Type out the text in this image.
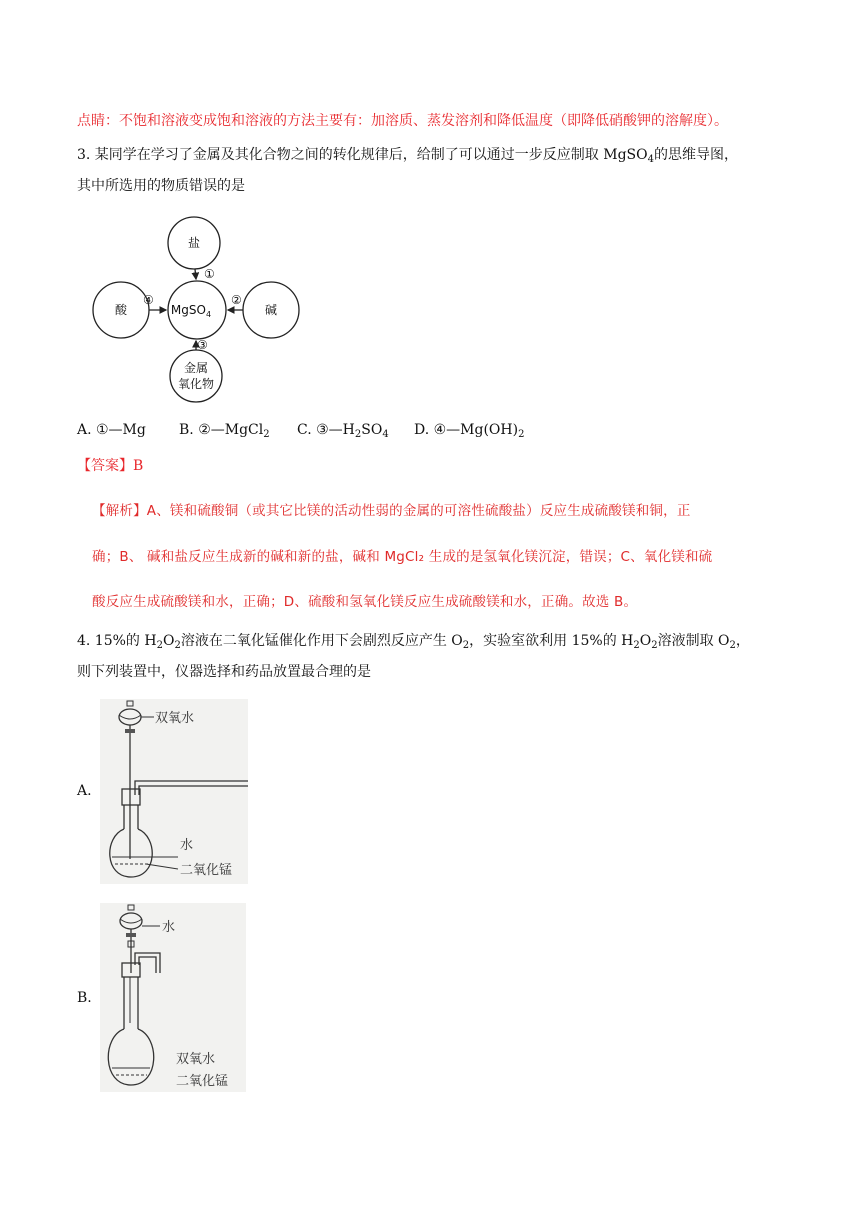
点睛：不饱和溶液变成饱和溶液的方法主要有：加溶质、蒸发溶剂和降低温度（即降低硝酸钾的溶解度）。
3. 某同学在学习了金属及其化合物之间的转化规律后，给制了可以通过一步反应制取 MgSO$_4$的思维导图，
其中所选用的物质错误的是
盐
酸	碱
MgSO$_4$
金属
氧化物
①
②
③
④
A. ①—Mg B. ②—MgCl$_2$ C. $③—H_2SO_4$ D. $④—Mg(OH)_2$
【答案】B
【解析】A、镁和硫酸铜（或其它比镁的活动性弱的金属的可溶性硫酸盐）反应生成硫酸镁和铜，正
确；B、 碱和盐反应生成新的碱和新的盐，碱和 MgCl₂ 生成的是氢氧化镁沉淀，错误；C、氧化镁和硫
酸反应生成硫酸镁和水，正确；D、硫酸和氢氧化镁反应生成硫酸镁和水，正确。故选 B。
4. 15%的 $H_2O_2$溶液在二氧化锰催化作用下会剧烈反应产生 $O_2$，实验室欲利用 15%的 $H_2O_2$溶液制取 $O_2$，
则下列装置中，仪器选择和药品放置最合理的是
A.
双氧水
水
二氧化锰
B.
水
双氧水
二氧化锰
